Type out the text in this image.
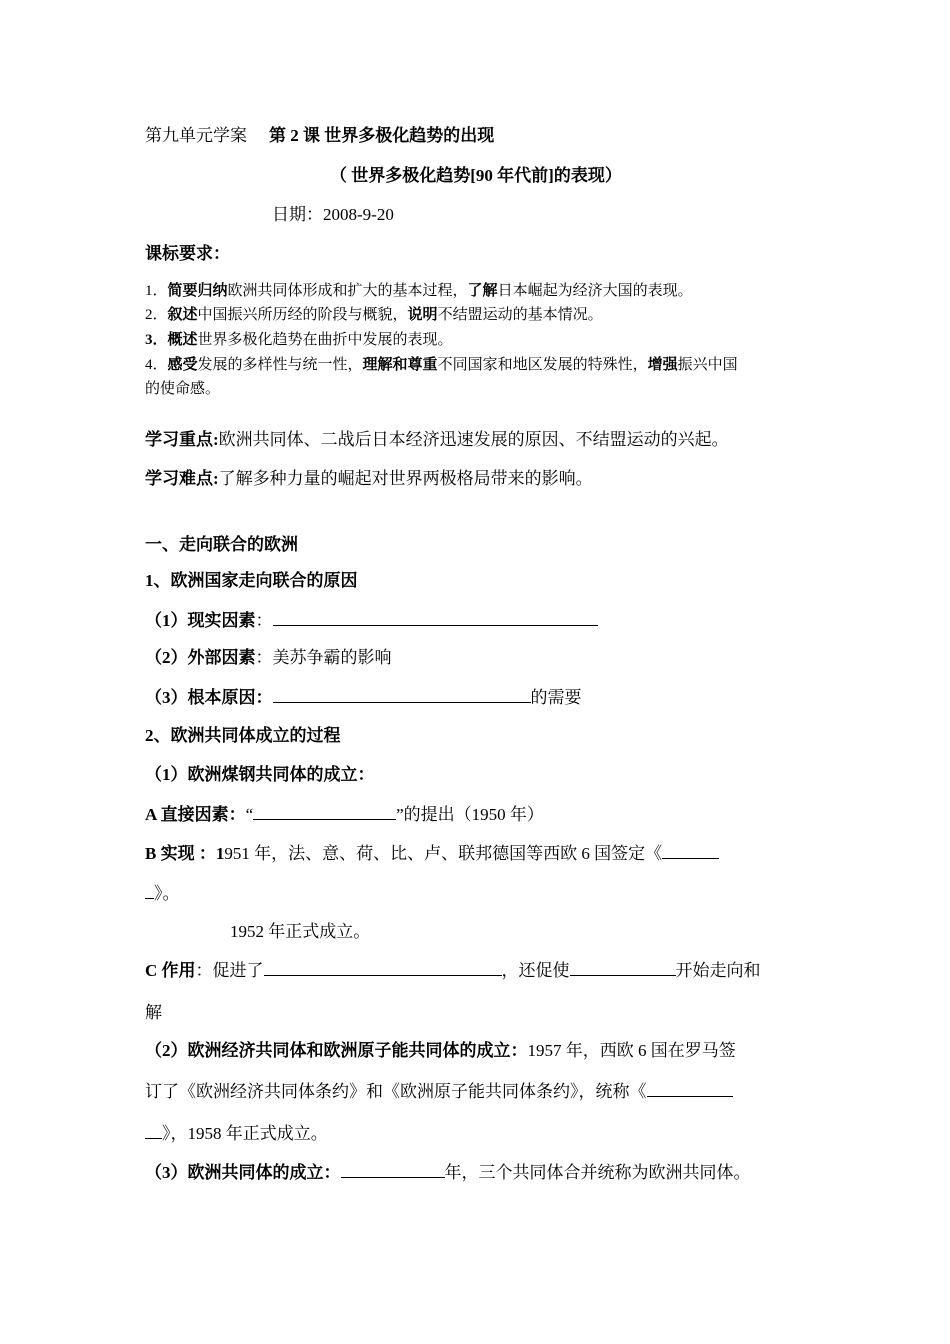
第九单元学案 第 2 课 世界多极化趋势的出现
（ 世界多极化趋势[90 年代前]的表现）
日期：2008-9-20
课标要求：
1．简要归纳欧洲共同体形成和扩大的基本过程，了解日本崛起为经济大国的表现。
2．叙述中国振兴所历经的阶段与概貌，说明不结盟运动的基本情况。
3．概述世界多极化趋势在曲折中发展的表现。
4．感受发展的多样性与统一性，理解和尊重不同国家和地区发展的特殊性，增强振兴中国
的使命感。
学习重点:欧洲共同体、二战后日本经济迅速发展的原因、不结盟运动的兴起。
学习难点:了解多种力量的崛起对世界两极格局带来的影响。
一、走向联合的欧洲
1、欧洲国家走向联合的原因
（1）现实因素：
（2）外部因素：美苏争霸的影响
（3）根本原因：	的需要
2、欧洲共同体成立的过程
（1）欧洲煤钢共同体的成立：
A 直接因素：“	”的提出（1950 年）
B 实现 ：1951 年，法、意、荷、比、卢、联邦德国等西欧 6 国签定《
》。
1952 年正式成立。
C 作用：促进了	，还促使	开始走向和
解
（2）欧洲经济共同体和欧洲原子能共同体的成立：1957 年，西欧 6 国在罗马签
订了《欧洲经济共同体条约》和《欧洲原子能共同体条约》，统称《
》，1958 年正式成立。
（3）欧洲共同体的成立：	年，三个共同体合并统称为欧洲共同体。
